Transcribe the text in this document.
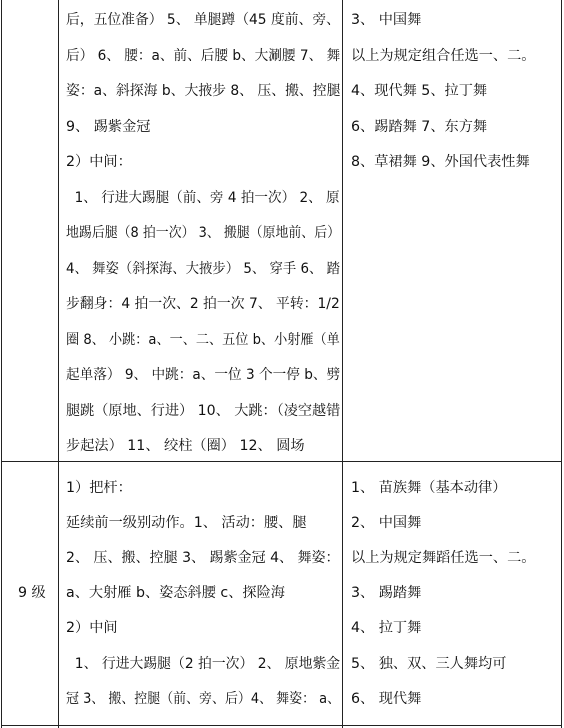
后，五位准备） 5、 单腿蹲（45 度前、旁、
后） 6、 腰：a、前、后腰 b、大涮腰 7、 舞
姿：a、斜探海 b、大掖步 8、 压、搬、控腿
9、 踢紫金冠
2）中间：
1、 行进大踢腿（前、旁 4 拍一次） 2、 原
地踢后腿（8 拍一次） 3、 搬腿（原地前、后）
4、 舞姿（斜探海、大掖步） 5、 穿手 6、 踏
步翻身：4 拍一次、2 拍一次 7、 平转：1/2
圈 8、 小跳：a、一、二、五位 b、小射雁（单
起单落） 9、 中跳：a、一位 3 个一停 b、劈
腿跳（原地、行进） 10、 大跳：（凌空越错
步起法） 11、 绞柱（圈） 12、 圆场
3、 中国舞
以上为规定组合任选一、二。
4、现代舞 5、拉丁舞
6、踢踏舞 7、东方舞
8、草裙舞 9、外国代表性舞
9 级
1）把杆：
延续前一级别动作。1、 活动：腰、腿
2、 压、搬、控腿 3、 踢紫金冠 4、 舞姿：
a、大射雁 b、姿态斜腰 c、探险海
2）中间
1、 行进大踢腿（2 拍一次） 2、 原地紫金
冠 3、 搬、控腿（前、旁、后）4、 舞姿： a、
1、 苗族舞（基本动律）
2、 中国舞
以上为规定舞蹈任选一、二。
3、 踢踏舞
4、 拉丁舞
5、 独、双、三人舞均可
6、 现代舞
